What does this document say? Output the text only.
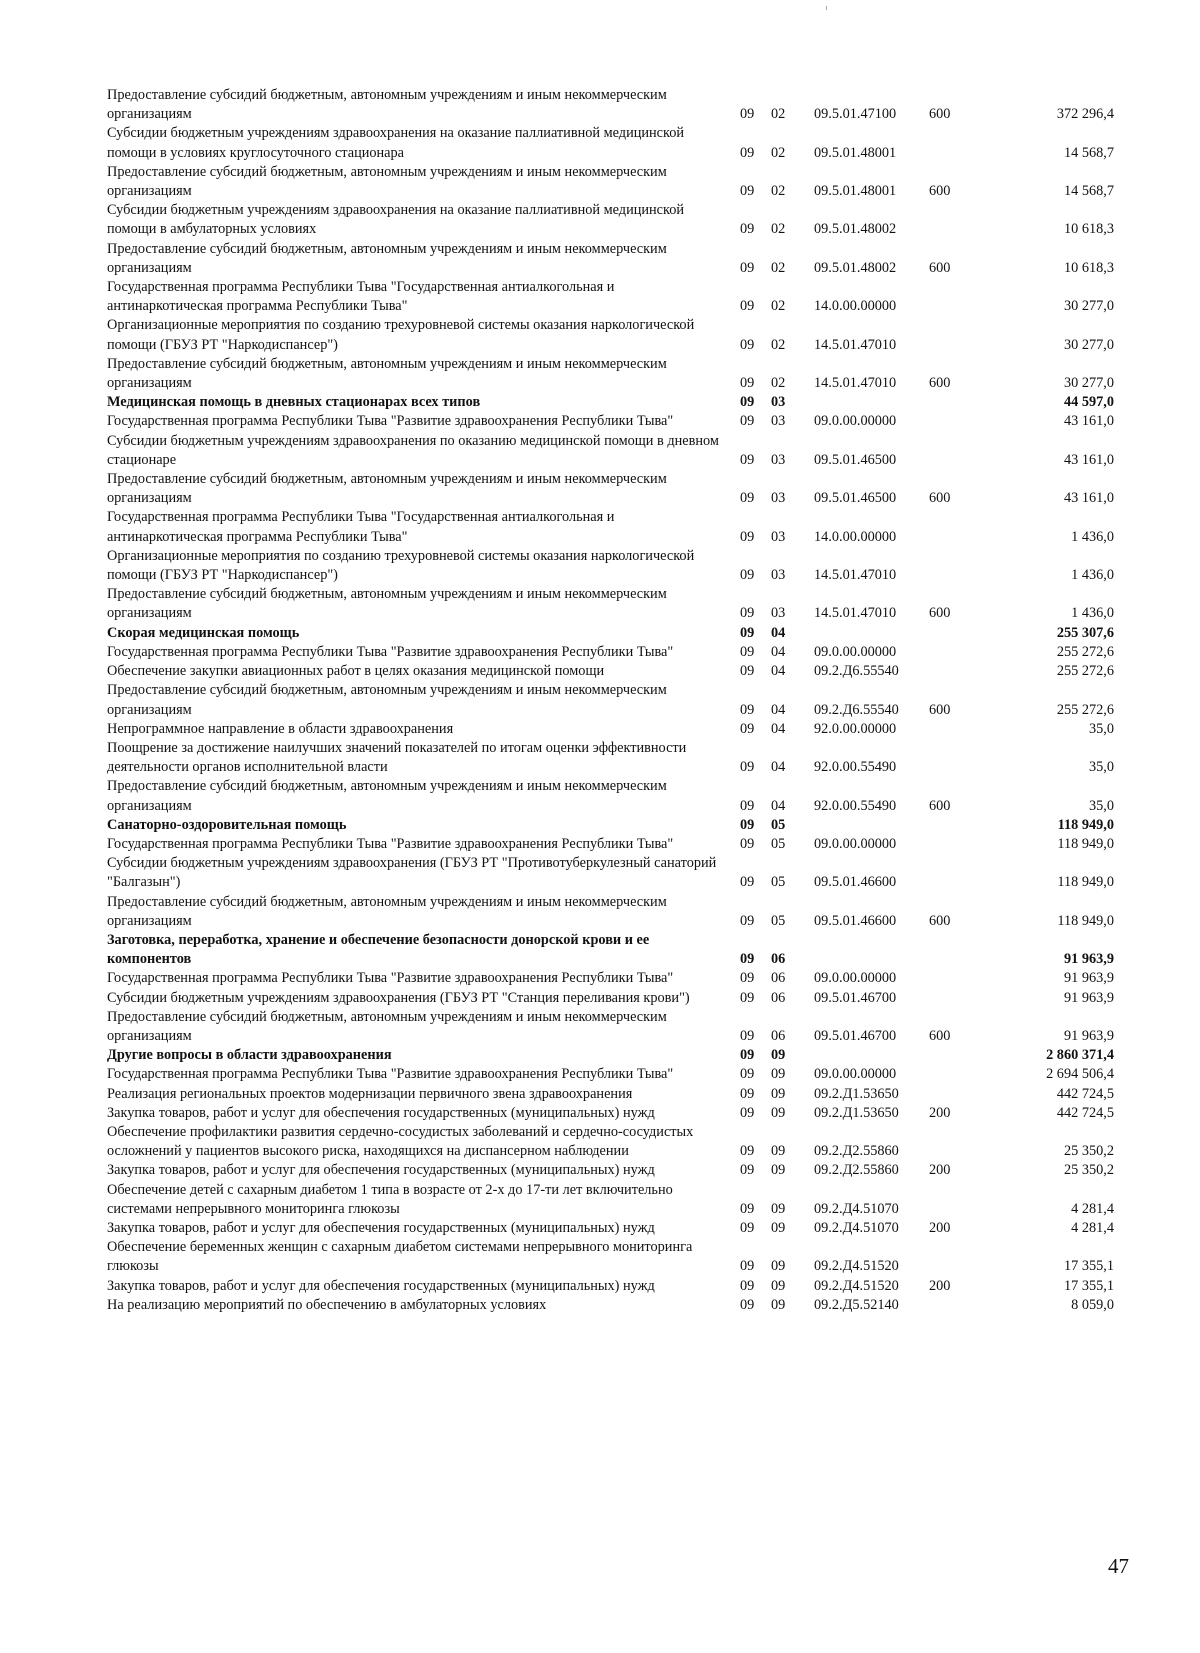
Предоставление субсидий бюджетным, автономным учреждениям и иным некоммерческим организациям	09	02	09.5.01.47100	600	372 296,4
Субсидии бюджетным учреждениям здравоохранения на оказание паллиативной медицинской помощи в условиях круглосуточного стационара	09	02	09.5.01.48001		14 568,7
Предоставление субсидий бюджетным, автономным учреждениям и иным некоммерческим организациям	09	02	09.5.01.48001	600	14 568,7
Субсидии бюджетным учреждениям здравоохранения на оказание паллиативной медицинской помощи в амбулаторных условиях	09	02	09.5.01.48002		10 618,3
Предоставление субсидий бюджетным, автономным учреждениям и иным некоммерческим организациям	09	02	09.5.01.48002	600	10 618,3
Государственная программа Республики Тыва "Государственная антиалкогольная и антинаркотическая программа Республики Тыва"	09	02	14.0.00.00000		30 277,0
Организационные мероприятия по созданию трехуровневой системы оказания наркологической помощи (ГБУЗ РТ "Наркодиспансер")	09	02	14.5.01.47010		30 277,0
Предоставление субсидий бюджетным, автономным учреждениям и иным некоммерческим организациям	09	02	14.5.01.47010	600	30 277,0
Медицинская помощь в дневных стационарах всех типов	09	03			44 597,0
Государственная программа Республики Тыва "Развитие здравоохранения Республики Тыва"	09	03	09.0.00.00000		43 161,0
Субсидии бюджетным учреждениям здравоохранения по оказанию медицинской помощи в дневном стационаре	09	03	09.5.01.46500		43 161,0
Предоставление субсидий бюджетным, автономным учреждениям и иным некоммерческим организациям	09	03	09.5.01.46500	600	43 161,0
Государственная программа Республики Тыва "Государственная антиалкогольная и антинаркотическая программа Республики Тыва"	09	03	14.0.00.00000		1 436,0
Организационные мероприятия по созданию трехуровневой системы оказания наркологической помощи (ГБУЗ РТ "Наркодиспансер")	09	03	14.5.01.47010		1 436,0
Предоставление субсидий бюджетным, автономным учреждениям и иным некоммерческим организациям	09	03	14.5.01.47010	600	1 436,0
Скорая медицинская помощь	09	04			255 307,6
Государственная программа Республики Тыва "Развитие здравоохранения Республики Тыва"	09	04	09.0.00.00000		255 272,6
Обеспечение закупки авиационных работ в целях оказания медицинской помощи	09	04	09.2.Д6.55540		255 272,6
Предоставление субсидий бюджетным, автономным учреждениям и иным некоммерческим организациям	09	04	09.2.Д6.55540	600	255 272,6
Непрограммное направление в области здравоохранения	09	04	92.0.00.00000		35,0
Поощрение за достижение наилучших значений показателей по итогам оценки эффективности деятельности органов исполнительной власти	09	04	92.0.00.55490		35,0
Предоставление субсидий бюджетным, автономным учреждениям и иным некоммерческим организациям	09	04	92.0.00.55490	600	35,0
Санаторно-оздоровительная помощь	09	05			118 949,0
Государственная программа Республики Тыва "Развитие здравоохранения Республики Тыва"	09	05	09.0.00.00000		118 949,0
Субсидии бюджетным учреждениям здравоохранения (ГБУЗ РТ "Противотуберкулезный санаторий "Балгазын")	09	05	09.5.01.46600		118 949,0
Предоставление субсидий бюджетным, автономным учреждениям и иным некоммерческим организациям	09	05	09.5.01.46600	600	118 949,0
Заготовка, переработка, хранение и обеспечение безопасности донорской крови и ее компонентов	09	06			91 963,9
Государственная программа Республики Тыва "Развитие здравоохранения Республики Тыва"	09	06	09.0.00.00000		91 963,9
Субсидии бюджетным учреждениям здравоохранения (ГБУЗ РТ "Станция переливания крови")	09	06	09.5.01.46700		91 963,9
Предоставление субсидий бюджетным, автономным учреждениям и иным некоммерческим организациям	09	06	09.5.01.46700	600	91 963,9
Другие вопросы в области здравоохранения	09	09			2 860 371,4
Государственная программа Республики Тыва "Развитие здравоохранения Республики Тыва"	09	09	09.0.00.00000		2 694 506,4
Реализация региональных проектов модернизации первичного звена здравоохранения	09	09	09.2.Д1.53650		442 724,5
Закупка товаров, работ и услуг для обеспечения государственных (муниципальных) нужд	09	09	09.2.Д1.53650	200	442 724,5
Обеспечение профилактики развития сердечно-сосудистых заболеваний и сердечно-сосудистых осложнений у пациентов высокого риска, находящихся на диспансерном наблюдении	09	09	09.2.Д2.55860		25 350,2
Закупка товаров, работ и услуг для обеспечения государственных (муниципальных) нужд	09	09	09.2.Д2.55860	200	25 350,2
Обеспечение детей с сахарным диабетом 1 типа в возрасте от 2-х до 17-ти лет включительно системами непрерывного мониторинга глюкозы	09	09	09.2.Д4.51070		4 281,4
Закупка товаров, работ и услуг для обеспечения государственных (муниципальных) нужд	09	09	09.2.Д4.51070	200	4 281,4
Обеспечение беременных женщин с сахарным диабетом системами непрерывного мониторинга глюкозы	09	09	09.2.Д4.51520		17 355,1
Закупка товаров, работ и услуг для обеспечения государственных (муниципальных) нужд	09	09	09.2.Д4.51520	200	17 355,1
На реализацию мероприятий по обеспечению в амбулаторных условиях	09	09	09.2.Д5.52140		8 059,0
47
